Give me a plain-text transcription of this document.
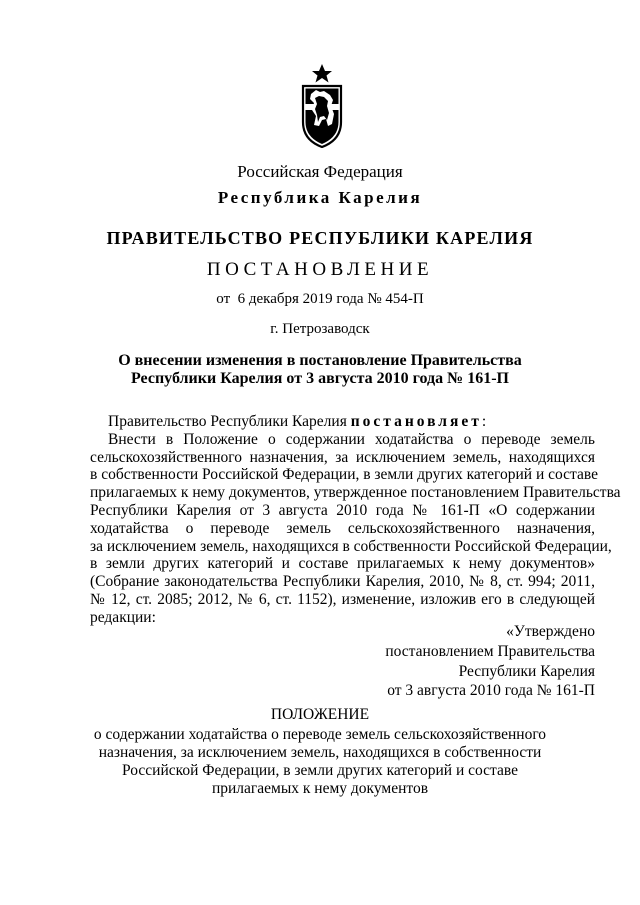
Российская Федерация
Республика Карелия
ПРАВИТЕЛЬСТВО РЕСПУБЛИКИ КАРЕЛИЯ
ПОСТАНОВЛЕНИЕ
от  6 декабря 2019 года № 454-П
г. Петрозаводск
О внесении изменения в постановление Правительства
Республики Карелия от 3 августа 2010 года № 161-П
Правительство Республики Карелия постановляет:
Внести в Положение о содержании ходатайства о переводе земель
сельскохозяйственного назначения, за исключением земель, находящихся
в собственности Российской Федерации, в земли других категорий и составе
прилагаемых к нему документов, утвержденное постановлением Правительства
Республики Карелия от 3 августа 2010 года № 161-П «О содержании
ходатайства о переводе земель сельскохозяйственного назначения,
за исключением земель, находящихся в собственности Российской Федерации,
в земли других категорий и составе прилагаемых к нему документов»
(Собрание законодательства Республики Карелия, 2010, № 8, ст. 994; 2011,
№ 12, ст. 2085; 2012, № 6, ст. 1152), изменение, изложив его в следующей
редакции:
«Утверждено
постановлением Правительства
Республики Карелия
от 3 августа 2010 года № 161-П
ПОЛОЖЕНИЕ
о содержании ходатайства о переводе земель сельскохозяйственного
назначения, за исключением земель, находящихся в собственности
Российской Федерации, в земли других категорий и составе
прилагаемых к нему документов
